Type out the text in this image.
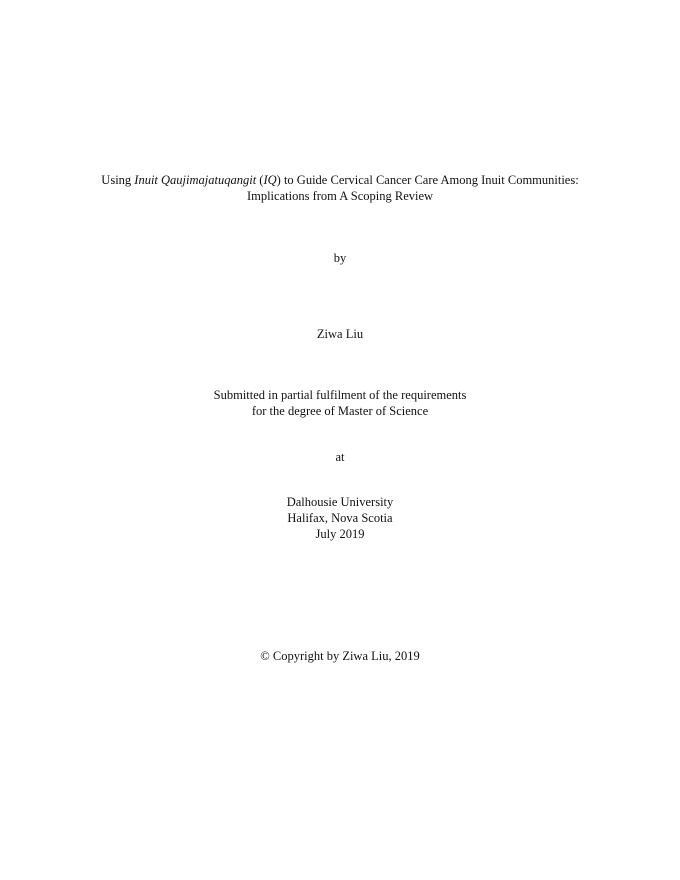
Using Inuit Qaujimajatuqangit (IQ) to Guide Cervical Cancer Care Among Inuit Communities:
Implications from A Scoping Review
by
Ziwa Liu
Submitted in partial fulfilment of the requirements
for the degree of Master of Science
at
Dalhousie University
Halifax, Nova Scotia
July 2019
© Copyright by Ziwa Liu, 2019
